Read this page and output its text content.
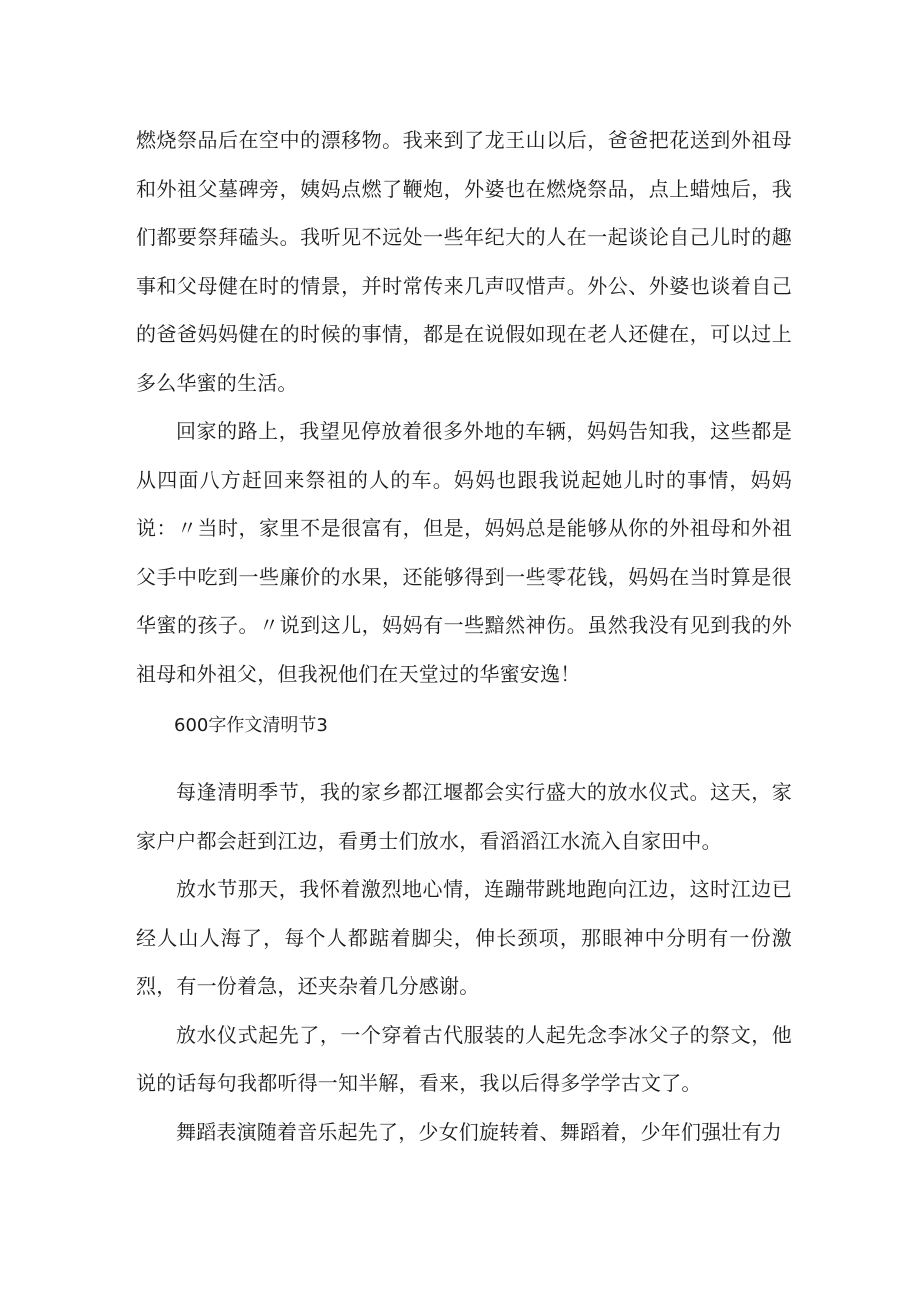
燃烧祭品后在空中的漂移物。我来到了龙王山以后，爸爸把花送到外祖母和外祖父墓碑旁，姨妈点燃了鞭炮，外婆也在燃烧祭品，点上蜡烛后，我们都要祭拜磕头。我听见不远处一些年纪大的人在一起谈论自己儿时的趣事和父母健在时的情景，并时常传来几声叹惜声。外公、外婆也谈着自己的爸爸妈妈健在的时候的事情，都是在说假如现在老人还健在，可以过上多么华蜜的生活。

回家的路上，我望见停放着很多外地的车辆，妈妈告知我，这些都是从四面八方赶回来祭祖的人的车。妈妈也跟我说起她儿时的事情，妈妈说：〃当时，家里不是很富有，但是，妈妈总是能够从你的外祖母和外祖父手中吃到一些廉价的水果，还能够得到一些零花钱，妈妈在当时算是很华蜜的孩子。〃说到这儿，妈妈有一些黯然神伤。虽然我没有见到我的外祖母和外祖父，但我祝他们在天堂过的华蜜安逸！

600字作文清明节3

每逢清明季节，我的家乡都江堰都会实行盛大的放水仪式。这天，家家户户都会赶到江边，看勇士们放水，看滔滔江水流入自家田中。

放水节那天，我怀着激烈地心情，连蹦带跳地跑向江边，这时江边已经人山人海了，每个人都踮着脚尖，伸长颈项，那眼神中分明有一份激烈，有一份着急，还夹杂着几分感谢。

放水仪式起先了，一个穿着古代服装的人起先念李冰父子的祭文，他说的话每句我都听得一知半解，看来，我以后得多学学古文了。

舞蹈表演随着音乐起先了，少女们旋转着、舞蹈着，少年们强壮有力
